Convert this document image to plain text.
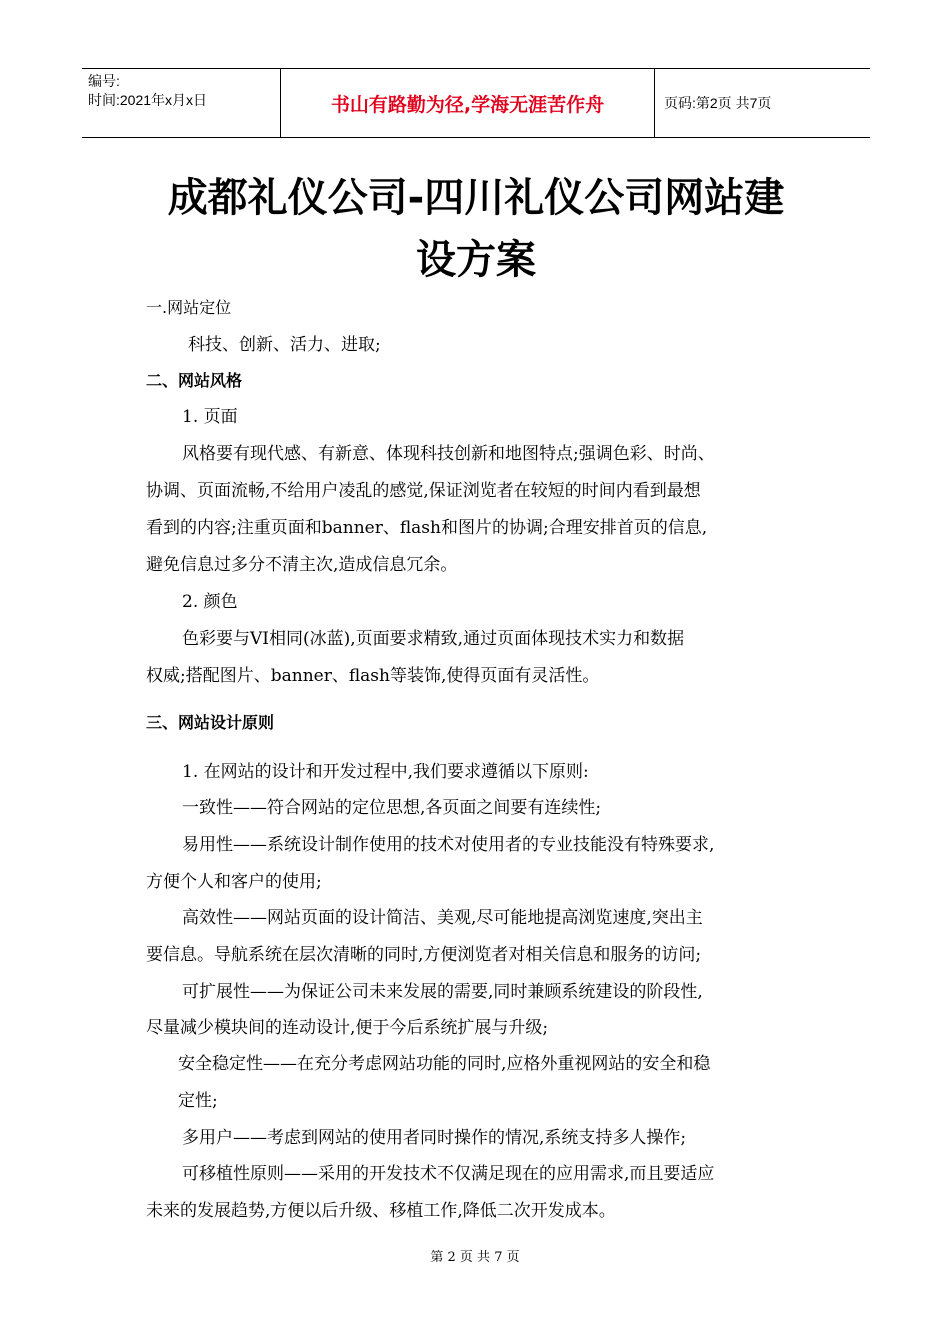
编号:
时间:2021年x月x日	书山有路勤为径,学海无涯苦作舟	页码:第2页 共7页
成都礼仪公司-四川礼仪公司网站建
设方案
一.网站定位
科技、创新、活力、进取;
二、网站风格
1. 页面
风格要有现代感、有新意、体现科技创新和地图特点;强调色彩、时尚、
协调、页面流畅,不给用户凌乱的感觉,保证浏览者在较短的时间内看到最想
看到的内容;注重页面和banner、flash和图片的协调;合理安排首页的信息,
避免信息过多分不清主次,造成信息冗余。
2. 颜色
色彩要与VI相同(冰蓝),页面要求精致,通过页面体现技术实力和数据
权威;搭配图片、banner、flash等装饰,使得页面有灵活性。
三、网站设计原则
1. 在网站的设计和开发过程中,我们要求遵循以下原则:
一致性——符合网站的定位思想,各页面之间要有连续性;
易用性——系统设计制作使用的技术对使用者的专业技能没有特殊要求,
方便个人和客户的使用;
高效性——网站页面的设计简洁、美观,尽可能地提高浏览速度,突出主
要信息。导航系统在层次清晰的同时,方便浏览者对相关信息和服务的访问;
可扩展性——为保证公司未来发展的需要,同时兼顾系统建设的阶段性,
尽量减少模块间的连动设计,便于今后系统扩展与升级;
安全稳定性——在充分考虑网站功能的同时,应格外重视网站的安全和稳
定性;
多用户——考虑到网站的使用者同时操作的情况,系统支持多人操作;
可移植性原则——采用的开发技术不仅满足现在的应用需求,而且要适应
未来的发展趋势,方便以后升级、移植工作,降低二次开发成本。
第 2 页 共 7 页
